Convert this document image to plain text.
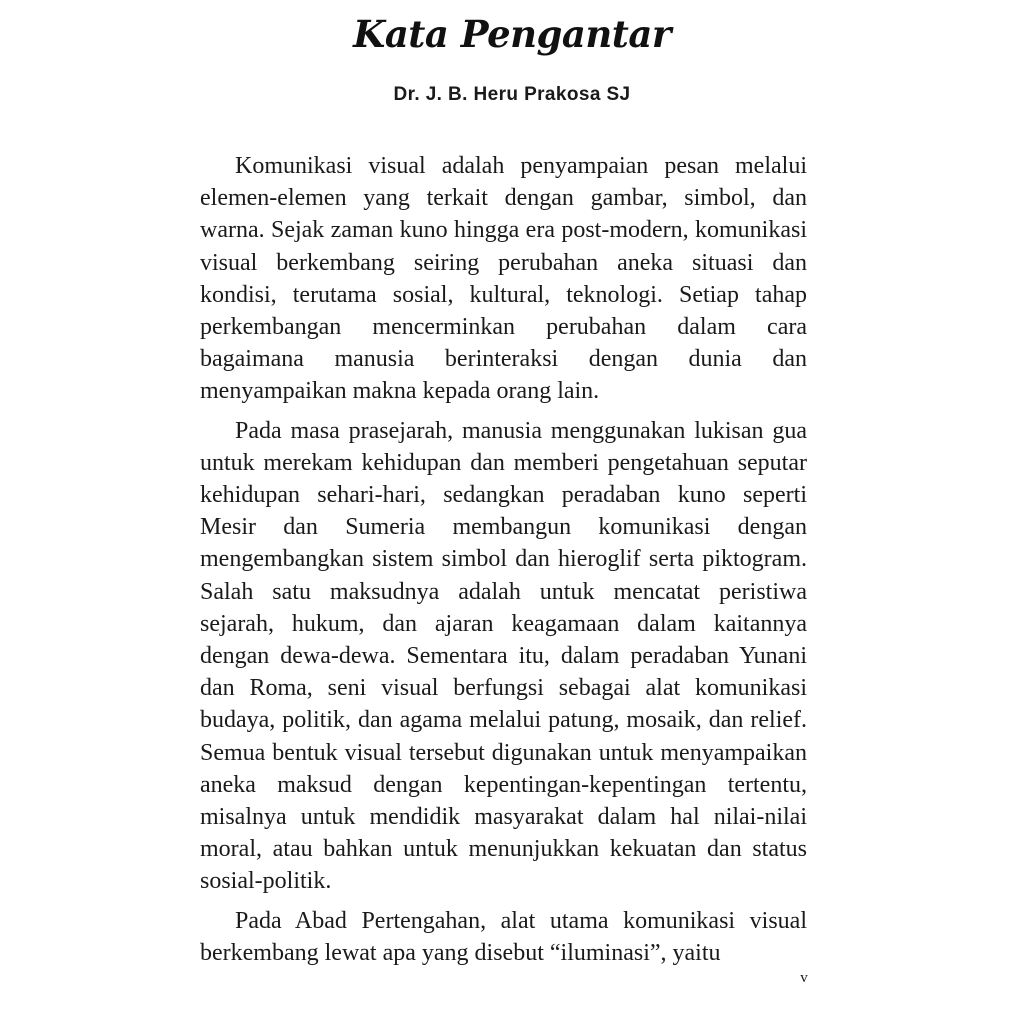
Kata Pengantar
Dr. J. B. Heru Prakosa SJ

Komunikasi visual adalah penyampaian pesan melalui elemen-elemen yang terkait dengan gambar, simbol, dan warna. Sejak zaman kuno hingga era post-modern, komunikasi visual berkembang seiring perubahan aneka situasi dan kondisi, terutama sosial, kultural, teknologi. Setiap tahap perkembangan mencerminkan perubahan dalam cara bagaimana manusia berinteraksi dengan dunia dan menyampaikan makna kepada orang lain.

Pada masa prasejarah, manusia menggunakan lukisan gua untuk merekam kehidupan dan memberi pengetahuan seputar kehidupan sehari-hari, sedangkan peradaban kuno seperti Mesir dan Sumeria membangun komunikasi dengan mengembangkan sistem simbol dan hieroglif serta piktogram. Salah satu maksudnya adalah untuk mencatat peristiwa sejarah, hukum, dan ajaran keagamaan dalam kaitannya dengan dewa-dewa. Sementara itu, dalam peradaban Yunani dan Roma, seni visual berfungsi sebagai alat komunikasi budaya, politik, dan agama melalui patung, mosaik, dan relief. Semua bentuk visual tersebut digunakan untuk menyampaikan aneka maksud dengan kepentingan-kepentingan tertentu, misalnya untuk mendidik masyarakat dalam hal nilai-nilai moral, atau bahkan untuk menunjukkan kekuatan dan status sosial-politik.

Pada Abad Pertengahan, alat utama komunikasi visual berkembang lewat apa yang disebut “iluminasi”, yaitu

v
